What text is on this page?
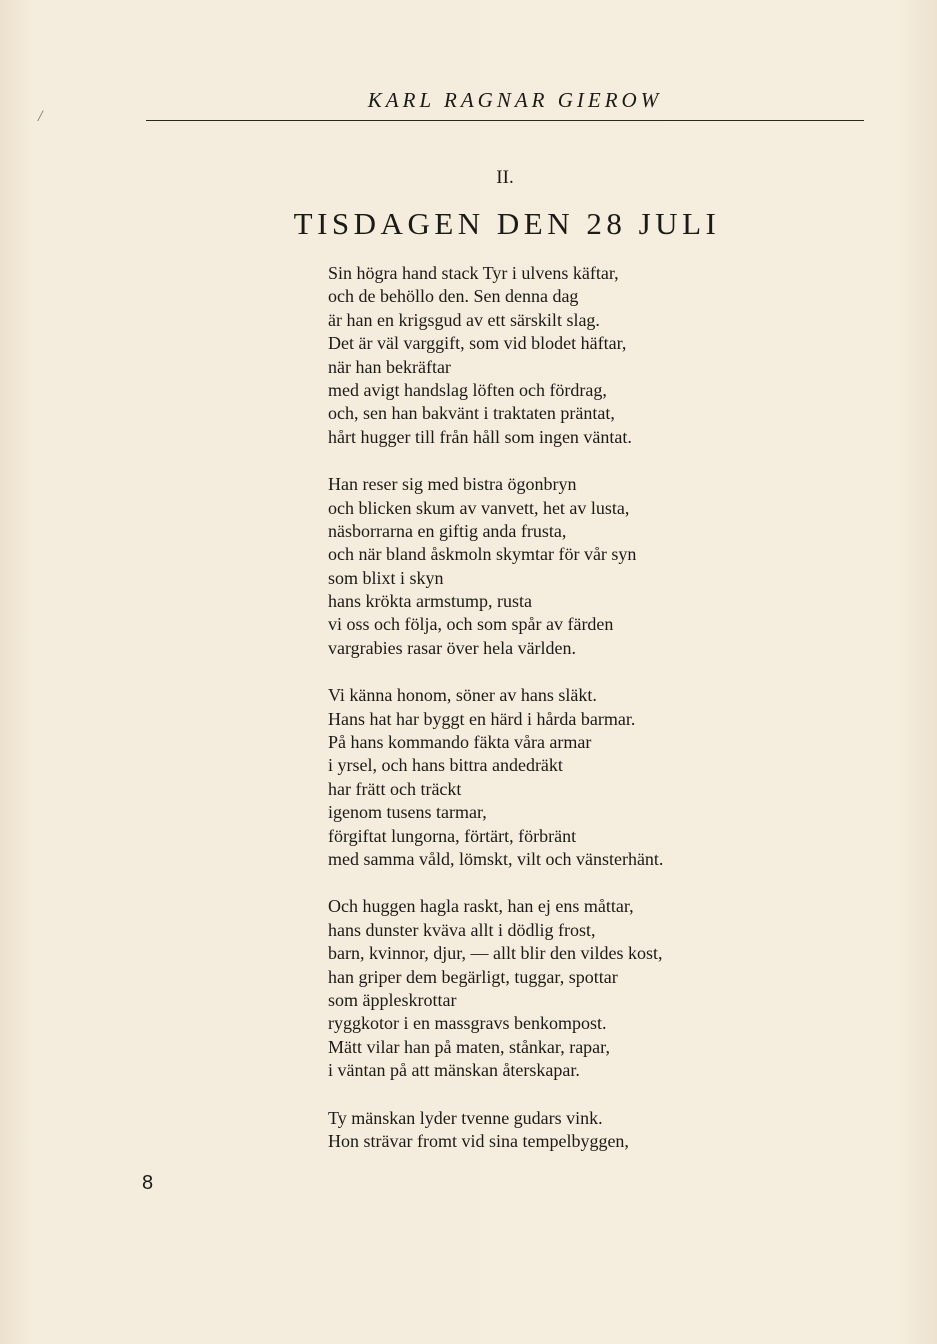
/
KARL RAGNAR GIEROW
II.
TISDAGEN DEN 28 JULI
Sin högra hand stack Tyr i ulvens käftar,
och de behöllo den. Sen denna dag
är han en krigsgud av ett särskilt slag.
Det är väl varggift, som vid blodet häftar,
när han bekräftar
med avigt handslag löften och fördrag,
och, sen han bakvänt i traktaten präntat,
hårt hugger till från håll som ingen väntat.
Han reser sig med bistra ögonbryn
och blicken skum av vanvett, het av lusta,
näsborrarna en giftig anda frusta,
och när bland åskmoln skymtar för vår syn
som blixt i skyn
hans krökta armstump, rusta
vi oss och följa, och som spår av färden
vargrabies rasar över hela världen.
Vi känna honom, söner av hans släkt.
Hans hat har byggt en härd i hårda barmar.
På hans kommando fäkta våra armar
i yrsel, och hans bittra andedräkt
har frätt och träckt
igenom tusens tarmar,
förgiftat lungorna, förtärt, förbränt
med samma våld, lömskt, vilt och vänsterhänt.
Och huggen hagla raskt, han ej ens måttar,
hans dunster kväva allt i dödlig frost,
barn, kvinnor, djur, — allt blir den vildes kost,
han griper dem begärligt, tuggar, spottar
som äppleskrottar
ryggkotor i en massgravs benkompost.
Mätt vilar han på maten, stånkar, rapar,
i väntan på att mänskan återskapar.
Ty mänskan lyder tvenne gudars vink.
Hon strävar fromt vid sina tempelbyggen,
8
